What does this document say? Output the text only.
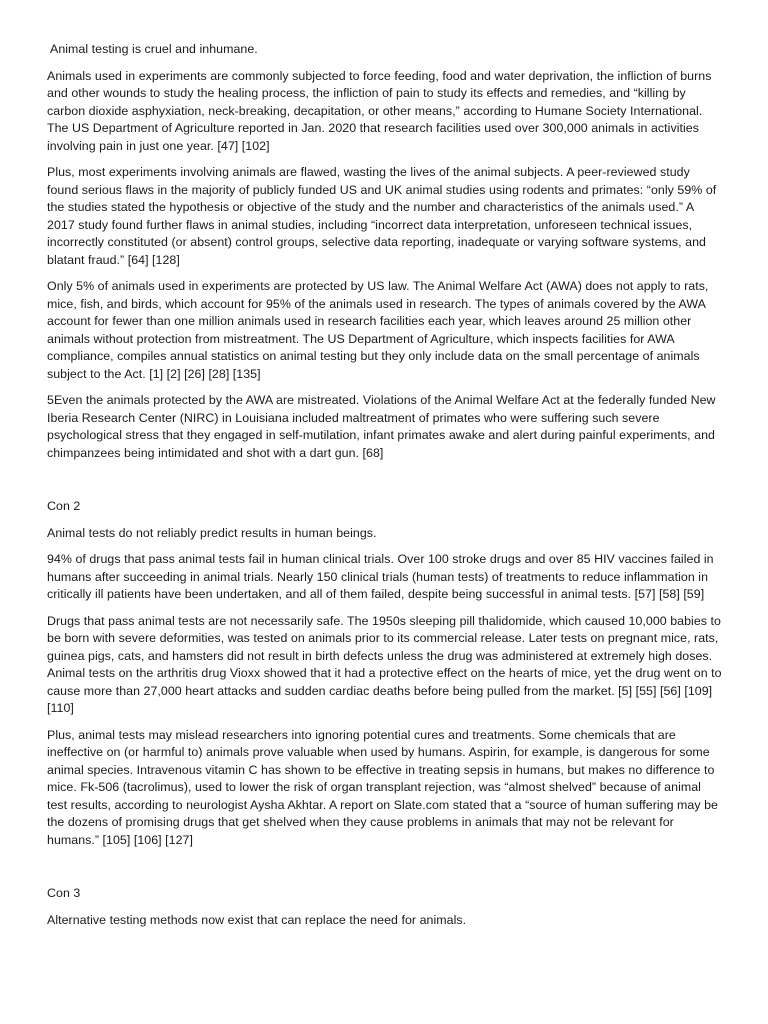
Animal testing is cruel and inhumane.

Animals used in experiments are commonly subjected to force feeding, food and water deprivation, the infliction of burns and other wounds to study the healing process, the infliction of pain to study its effects and remedies, and “killing by carbon dioxide asphyxiation, neck-breaking, decapitation, or other means,” according to Humane Society International. The US Department of Agriculture reported in Jan. 2020 that research facilities used over 300,000 animals in activities involving pain in just one year. [47] [102]

Plus, most experiments involving animals are flawed, wasting the lives of the animal subjects. A peer-reviewed study found serious flaws in the majority of publicly funded US and UK animal studies using rodents and primates: “only 59% of the studies stated the hypothesis or objective of the study and the number and characteristics of the animals used.” A 2017 study found further flaws in animal studies, including “incorrect data interpretation, unforeseen technical issues, incorrectly constituted (or absent) control groups, selective data reporting, inadequate or varying software systems, and blatant fraud.” [64] [128]

Only 5% of animals used in experiments are protected by US law. The Animal Welfare Act (AWA) does not apply to rats, mice, fish, and birds, which account for 95% of the animals used in research. The types of animals covered by the AWA account for fewer than one million animals used in research facilities each year, which leaves around 25 million other animals without protection from mistreatment. The US Department of Agriculture, which inspects facilities for AWA compliance, compiles annual statistics on animal testing but they only include data on the small percentage of animals subject to the Act. [1] [2] [26] [28] [135]

5Even the animals protected by the AWA are mistreated. Violations of the Animal Welfare Act at the federally funded New Iberia Research Center (NIRC) in Louisiana included maltreatment of primates who were suffering such severe psychological stress that they engaged in self-mutilation, infant primates awake and alert during painful experiments, and chimpanzees being intimidated and shot with a dart gun. [68]

Con 2

Animal tests do not reliably predict results in human beings.

94% of drugs that pass animal tests fail in human clinical trials. Over 100 stroke drugs and over 85 HIV vaccines failed in humans after succeeding in animal trials. Nearly 150 clinical trials (human tests) of treatments to reduce inflammation in critically ill patients have been undertaken, and all of them failed, despite being successful in animal tests. [57] [58] [59]

Drugs that pass animal tests are not necessarily safe. The 1950s sleeping pill thalidomide, which caused 10,000 babies to be born with severe deformities, was tested on animals prior to its commercial release. Later tests on pregnant mice, rats, guinea pigs, cats, and hamsters did not result in birth defects unless the drug was administered at extremely high doses. Animal tests on the arthritis drug Vioxx showed that it had a protective effect on the hearts of mice, yet the drug went on to cause more than 27,000 heart attacks and sudden cardiac deaths before being pulled from the market. [5] [55] [56] [109] [110]

Plus, animal tests may mislead researchers into ignoring potential cures and treatments. Some chemicals that are ineffective on (or harmful to) animals prove valuable when used by humans. Aspirin, for example, is dangerous for some animal species. Intravenous vitamin C has shown to be effective in treating sepsis in humans, but makes no difference to mice. Fk-506 (tacrolimus), used to lower the risk of organ transplant rejection, was “almost shelved” because of animal test results, according to neurologist Aysha Akhtar. A report on Slate.com stated that a “source of human suffering may be the dozens of promising drugs that get shelved when they cause problems in animals that may not be relevant for humans.” [105] [106] [127]

Con 3

Alternative testing methods now exist that can replace the need for animals.
